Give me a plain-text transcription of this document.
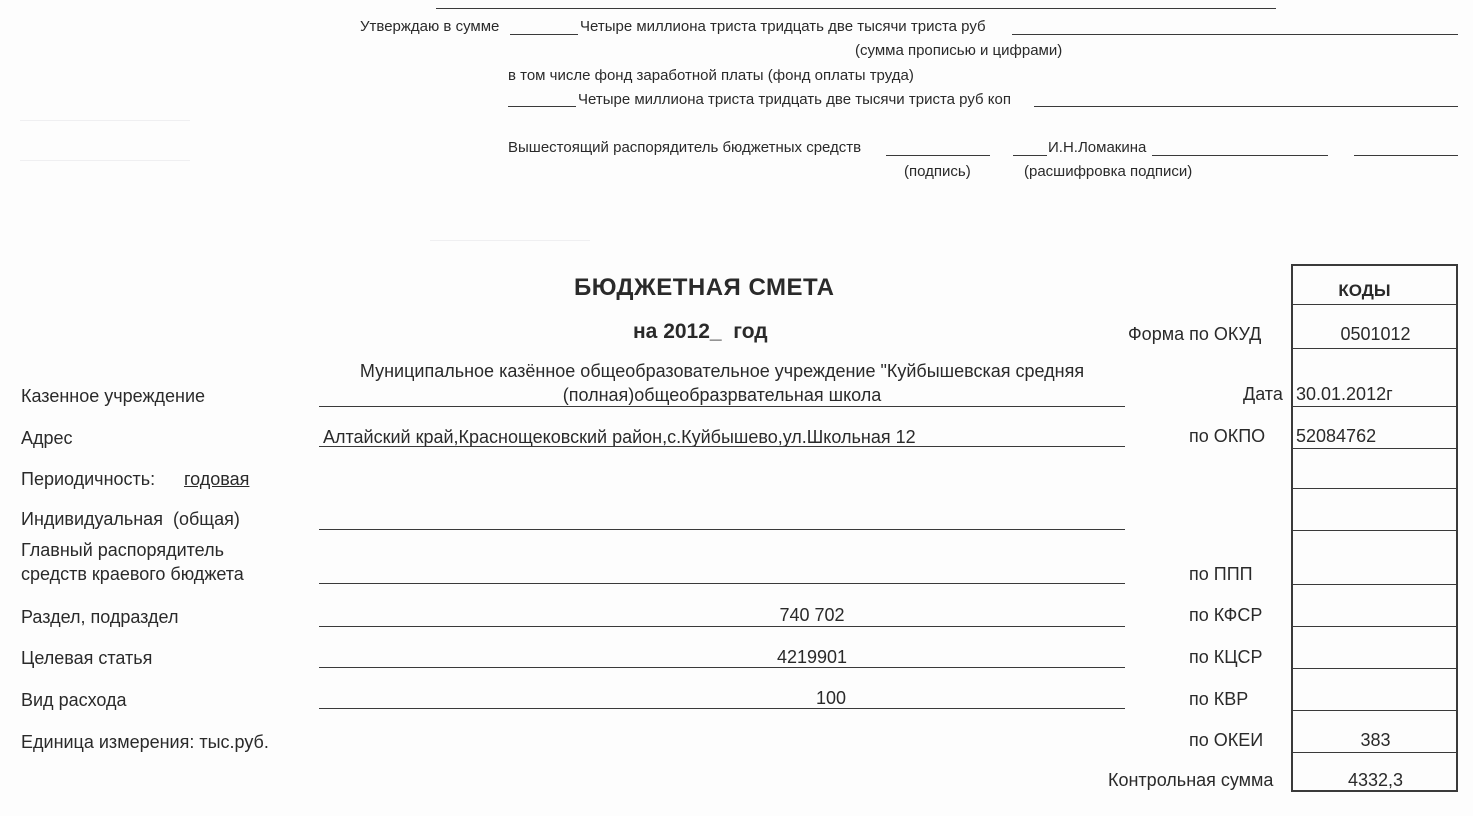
Утверждаю в сумме	Четыре миллиона триста тридцать две тысячи триста руб
(сумма прописью и цифрами)
в том числе фонд заработной платы (фонд оплаты труда)
Четыре миллиона триста тридцать две тысячи триста руб коп
Вышестоящий распорядитель бюджетных средств	И.Н.Ломакина
(подпись)	(расшифровка подписи)
БЮДЖЕТНАЯ СМЕТА
на 2012_  год
КОДЫ
Форма по ОКУД	0501012
Дата 30.01.2012г
по ОКПО 52084762
по ППП
по КФСР
по КЦСР
по КВР
по ОКЕИ	383
Контрольная сумма	4332,3
Казенное учреждение
Муниципальное казённое общеобразовательное учреждение "Куйбышевская средняя
(полная)общеобразрвательная школа
Адрес	Алтайский край,Краснощековский район,с.Куйбышево,ул.Школьная 12
Периодичность: годовая
Индивидуальная  (общая)
Главный распорядитель
средств краевого бюджета
Раздел, подраздел	740 702
Целевая статья	4219901
Вид расхода	100
Единица измерения: тыс.руб.
